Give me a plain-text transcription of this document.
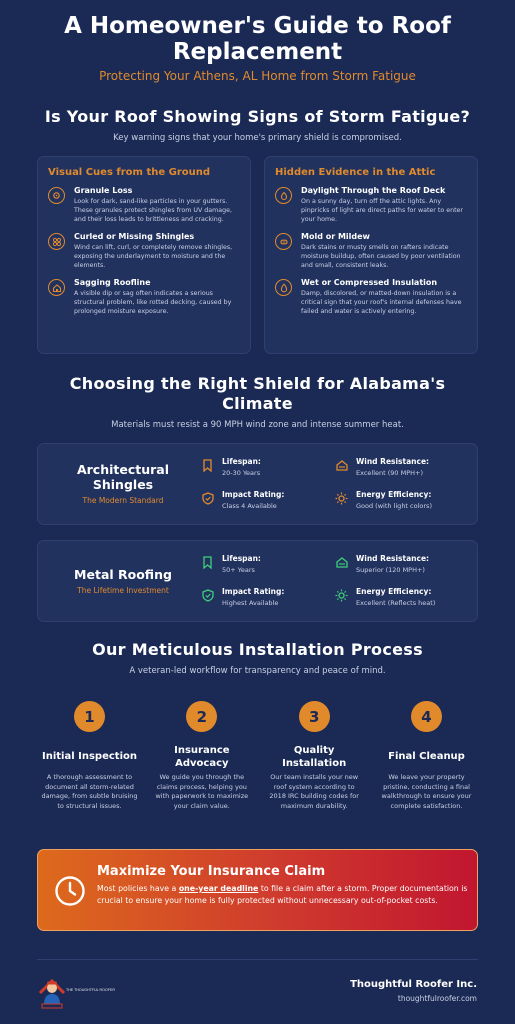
A Homeowner's Guide to Roof Replacement
Protecting Your Athens, AL Home from Storm Fatigue
Is Your Roof Showing Signs of Storm Fatigue?
Key warning signs that your home's primary shield is compromised.
Visual Cues from the Ground
Granule Loss

Look for dark, sand-like particles in your gutters. These granules protect shingles from UV damage, and their loss leads to brittleness and cracking.

Curled or Missing Shingles

Wind can lift, curl, or completely remove shingles, exposing the underlayment to moisture and the elements.

Sagging Roofline

A visible dip or sag often indicates a serious structural problem, like rotted decking, caused by prolonged moisture exposure.

Hidden Evidence in the Attic
Daylight Through the Roof Deck

On a sunny day, turn off the attic lights. Any pinpricks of light are direct paths for water to enter your home.

Mold or Mildew

Dark stains or musty smells on rafters indicate moisture buildup, often caused by poor ventilation and small, consistent leaks.

Wet or Compressed Insulation

Damp, discolored, or matted-down insulation is a critical sign that your roof's internal defenses have failed and water is actively entering.

Choosing the Right Shield for Alabama's Climate
Materials must resist a 90 MPH wind zone and intense summer heat.
Architectural Shingles
The Modern Standard
Lifespan:

20-30 Years

Wind Resistance:

Excellent (90 MPH+)

Impact Rating:

Class 4 Available

Energy Efficiency:

Good (with light colors)

Metal Roofing
The Lifetime Investment
Lifespan:

50+ Years

Wind Resistance:

Superior (120 MPH+)

Impact Rating:

Highest Available

Energy Efficiency:

Excellent (Reflects heat)

Our Meticulous Installation Process
A veteran-led workflow for transparency and peace of mind.
1
Initial Inspection

A thorough assessment to document all storm-related damage, from subtle bruising to structural issues.

2
Insurance Advocacy

We guide you through the claims process, helping you with paperwork to maximize your claim value.

3
Quality Installation

Our team installs your new roof system according to 2018 IRC building codes for maximum durability.

4
Final Cleanup

We leave your property pristine, conducting a final walkthrough to ensure your complete satisfaction.

Maximize Your Insurance Claim

Most policies have a one-year deadline to file a claim after a storm. Proper documentation is crucial to ensure your home is fully protected without unnecessary out-of-pocket costs.

THE THOUGHTFUL ROOFER	Thoughtful Roofer Inc.
thoughtfulroofer.com
